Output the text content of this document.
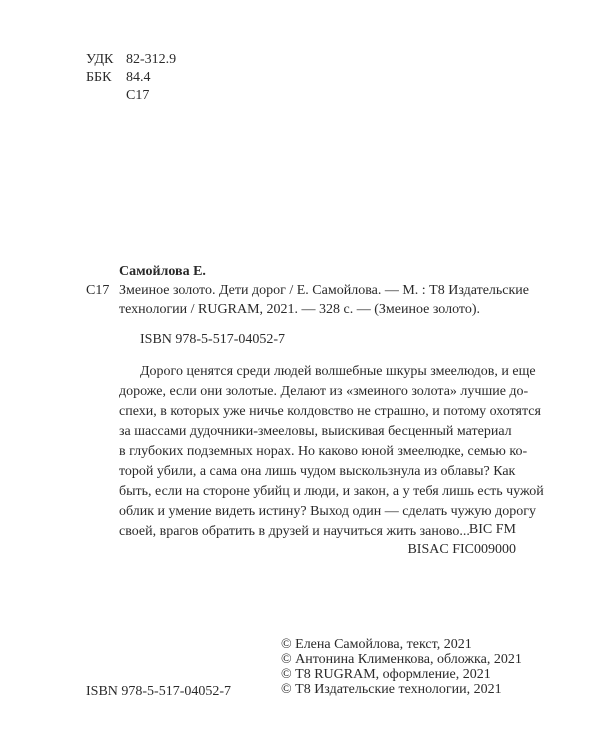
УДК 82-312.9
ББК	84.4
С17
Самойлова Е.
С17 Змеиное золото. Дети дорог / Е. Самойлова. — М. : Т8 Издательские
технологии / RUGRAM, 2021. — 328 с. — (Змеиное золото).
ISBN 978-5-517-04052-7
Дорого ценятся среди людей волшебные шкуры змеелюдов, и еще
дороже, если они золотые. Делают из «змеиного золота» лучшие до-
спехи, в которых уже ничье колдовство не страшно, и потому охотятся
за шассами дудочники-змееловы, выискивая бесценный материал
в глубоких подземных норах. Но каково юной змеелюдке, семью ко-
торой убили, а сама она лишь чудом выскользнула из облавы? Как
быть, если на стороне убийц и люди, и закон, а у тебя лишь есть чужой
облик и умение видеть истину? Выход один — сделать чужую дорогу
своей, врагов обратить в друзей и научиться жить заново... BIC FM
BISAC FIC009000
ISBN 978-5-517-04052-7
© Елена Самойлова, текст, 2021
© Антонина Клименкова, обложка, 2021
© Т8 RUGRAM, оформление, 2021
© Т8 Издательские технологии, 2021
